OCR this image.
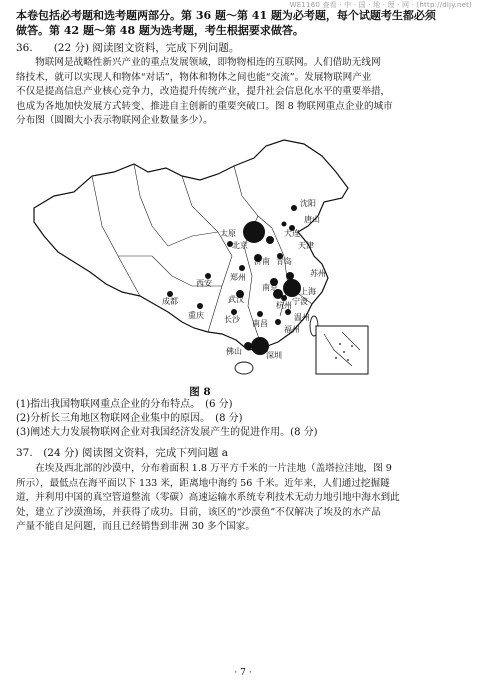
WE1160 查看 · 中 · 国 · 地 · 理 · 网 · (http://dljy.net)

本卷包括必考题和选考题两部分。第 36 题～第 41 题为必考题，每个试题考生都必须

做答。第 42 题～第 48 题为选考题，考生根据要求做答。

36.　　(22 分) 阅读图文资料，完成下列问题。

物联网是战略性新兴产业的重点发展领域，即物物相连的互联网。人们借助无线网

络技术，就可以实现人和物体“对话”，物体和物体之间也能“交流”。发展物联网产业

不仅是提高信息产业核心竞争力，改造提升传统产业，提升社会信息化水平的重要举措，

也成为各地加快发展方式转变、推进自主创新的重要突破口。图 8 物联网重点企业的城市

分布图（圆圈大小表示物联网企业数量多少）。

沈阳
大连
北京	天津
唐山
太原
济南 青岛
郑州	苏州
西安	南京	上海
成都	武汉	宁波
杭州
重庆	长沙 南昌
福州
温州
佛山	深圳
图 8

(1)指出我国物联网重点企业的分布特点。　(6 分)

(2)分析长三角地区物联网企业集中的原因。　(8 分)

(3)阐述大力发展物联网企业对我国经济发展产生的促进作用。(8 分)

37.　(24 分) 阅读图文资料，完成下列问题 a

在埃及西北部的沙漠中，分布着面积 1.8 万平方千米的一片洼地（盖塔拉洼地，图 9

所示），最低点在海平面以下 133 米，距离地中海约 56 千米。近年来，人们通过挖掘隧

道，并利用中国的真空管道整流（零碳）高速运输水系统专利技术无动力地引地中海水到此

处，建立了沙漠渔场，并获得了成功。目前，该区的“沙漠鱼”不仅解决了埃及的水产品

产量不能自足问题，而且已经销售到非洲 30 多个国家。

· 7 ·
